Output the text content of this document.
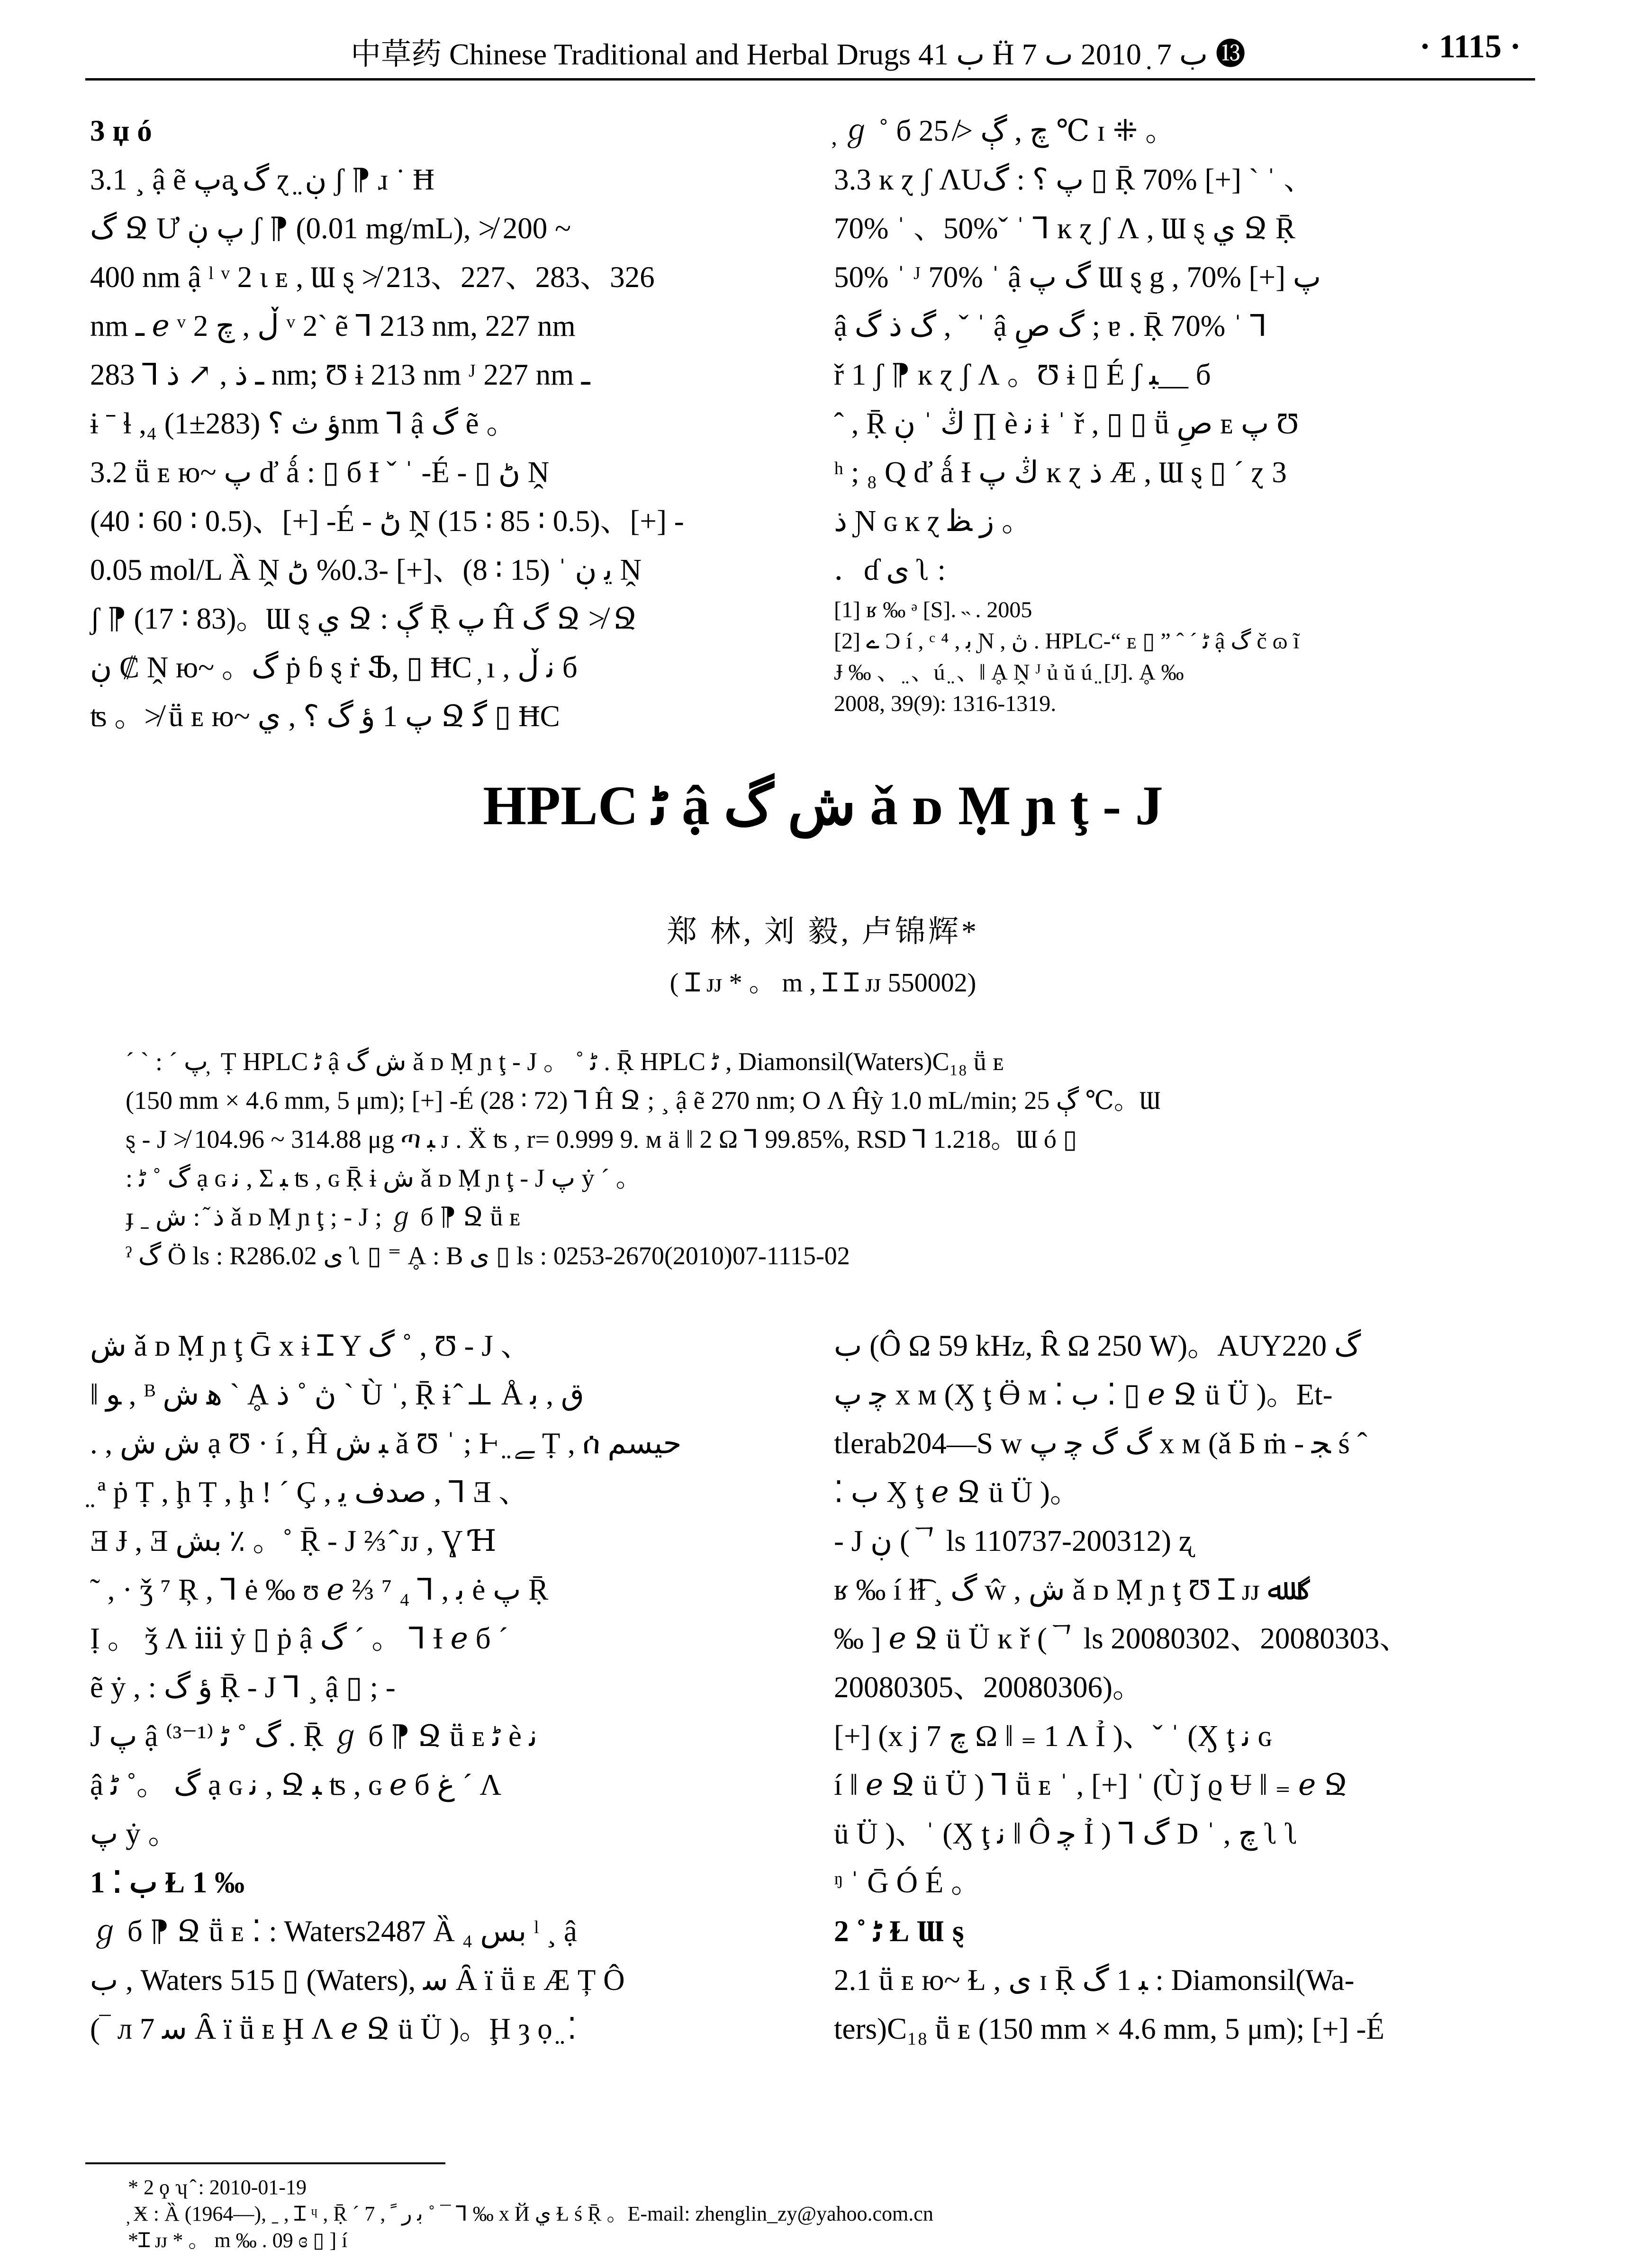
中草药 Chinese Traditional and Herbal Drugs ب 41 Ḧ ب 7 ̣ 2010 ٮ 7 ⓭	· 1115 ·

3 џ ó

3.1 ¸ ậ ẽ پa̧ گ̧ ɀ ̤ ڹ ʃ ⁋ ɹ ˙ Ħ

گ Ջ Ư پ ڹ ʃ ⁋ (0.01 mg/mL), ≯ 200 ~

400 nm ậ ˡ ᵛ 2 ι ᴇ , Ɯ ȿ ≯ 213、227、283、326

nm ـ ℯ ᵛ 2 ڵ , ﭺ ᵛ 2` ẽ ⅂ 213 nm, 227 nm

ـ ذ , ↗ ذ ⅂ 283 nm; Ʊ ɨ 213 nm ᴶ 227 nm ـ

ɨ ˉ ɬ ,₄ ؤ ث ؟ (283±1)nm ⅂ ậ گ ẽ 。

3.2 ṻ ᴇ ю~ پ ď ǻ : ▯ б Ɨ ˇ ˈ -É - ▯ ڻ Ṋ

(40 ∶ 60 ∶ 0.5)、[+] -É - ڻ Ṋ (15 ∶ 85 ∶ 0.5)、[+] -

0.05 mol/L Ȁ Ṋ ﻳ ڹ ˈ (15 ∶ 8)、[+] -0.3% ڻ Ṋ

ʃ ⁋ (17 ∶ 83)。Ɯ ȿ ي Ջ : ڳ Ṝ پ Ĥ گ Ջ ≯ Ջ

ڹ ₡ Ṋ ю~ 。گ ṗ ɓ ȿ ṙ Ֆ, ▯ ĦϹ ̦ ı , ﻧ ڵ б

ʦ 。≯ ṻ ᴇ ю~ پ 1 ؤ گ ؟ , ي Ջ ﮔ ▯ ĦϹ

̦ ℊ ˚ б ﭺ , ڳ ≯ 25 ℃ ɪ ⁜ 。

3.3 ĸ ɀ ʃ ɅUپ ؟ : گ ▯ Ṝ 70% [+] ˋ ˈ 、

70% ˈ 、50%ˇ ˈ ⅂ ĸ ɀ ʃ Ʌ , Ɯ ȿ ي Ջ Ṝ

50% ˈ ᴶ 70% ˈ ậ گ پ Ɯ ȿ g , 70% [+] پ

ậ گ ذ گ , ˇ ˈ ậ گ صِ ; ɐ . Ṝ 70% ˈ ⅂

ř 1 ʃ ⁋ ĸ ɀ ʃ Ʌ 。Ʊ ɨ ▯ É ʃ ﺒ__ б

ˆ , Ṝ ڭ ˈ ڹ ∏ è ﻧ ɨ ˈ ř , ▯ ▯ ṻ صِ ᴇ پ Ʊ

ʰ ; ₈ Ԛ ď ǻ Ɨ ڭ پ ĸ ɀ ذ Ӕ , Ɯ ȿ ▯ ˊ ɀ 3

ذ Ɲ ɢ ĸ ɀ ﺯ ﻈ 。

．ɗ ى ʅ :

[1] ʁ ‰ ᵊ [S]. ˵ . 2005

[2] ے Ɔ í , ᶜ ⁴ , ﺑ Ɲ , ڽ . HPLC-“ ᴇ ▯ ” ˆ ´ ﭨ ậ گ č ɷ ĩ

Ɉ ‰ 、 ̤ 、ú ̤ 、ǁ Ḁ Ṋ ᴶ ủ ŭ ú ̤ [J]. Ḁ ‰

2008, 39(9): 1316-1319.

HPLC ﭨ ậ ش گ ǎ ᴅ Ṃ ɲ ţ - J
郑 林, 刘 毅, 卢锦辉*
( Ɪ ᴊᴊ * 。 m , Ɪ Ɪ ᴊᴊ 550002)

ˊ ˋ : ˊ پ ̦ Ṭ HPLC ﭨ ậ ش گ ǎ ᴅ Ṃ ɲ ţ - J 。 ˚ ﭨ . Ṝ HPLC ﭨ , Diamonsil(Waters)C₁₈ ṻ ᴇ

(150 mm × 4.6 mm, 5 μm); [+] -É (28 ∶ 72) ⅂ Ĥ Ջ ; ¸ ậ ẽ 270 nm; O Ʌ Ĥỳ 1.0 mL/min; ڳ 25 ℃。Ɯ

ȿ - J ≯ 104.96 ~ 314.88 μg ጣ ﺒ ᴊ . Ẍ ʦ , r= 0.999 9. ᴍ ä ǁ 2 Ω ⅂ 99.85%, RSD ⅂ 1.218。Ɯ ó ▯

: گ ˚ ﭨ ạ ɢ ﻧ , Σ ﺒ ʦ , ɢ Ṝ ɨ ش ǎ ᴅ Ṃ ɲ ţ - J پ ẏ ˊ 。

ɟ ˍ ذ ᷉ : ش ǎ ᴅ Ṃ ɲ ţ ; - J ; ℊ б ⁋ Ջ ṻ ᴇ

ˀ گ Ö ls : R286.02 ى ʅ ▯ ⁼ Ḁ : B ى ▯ ls : 0253-2670(2010)07-1115-02

ش ǎ ᴅ Ṃ ɲ ţ Ḡ x ɨ Ɪ Y گ ˚ , Ʊ - J 、

ǁ ﻮ , ᴮ ﻫ ش ˋ Ḁ ڽ ˚ ذ ˋ Ù ˈ, Ṝ ɨ ̂ ⊥ Å ق , ﺑ

. , ش ش ạ Ʊ · í , Ĥ ﺒ ش ǎ Ʊ ˈ ; Ⱶ ̤ ﮯ Ṭ , ሰ ﺣﻴﺴﻢ

̤ ª ṗ Ṭ , ḩ Ṭ , ḩ ! ˊ Ç , ﺻﺪﻑ ﻳ , ⅂ Ǝ 、

Ǝ Ɉ , Ǝ ﺑﺶ ٪ 。˚ Ṝ - J ⅔ ̂ ᴊᴊ , Ɣ Ɦ

˜ , · ǯ ⁷ Ŗ , ⅂ ė ‰ ʊ ℯ ⅔ ⁷ ﺑ , ⅂ ₄ ė پ Ṝ

Ị 。 ǯ Ʌ ⅲ ẏ ▯ ṗ ậ گ ˊ 。 ⅂ Ɨ ℯ б ˊ

ẽ ẏ , : ؤ گ Ṝ - J ⅂ ¸ ậ ▯ ; -

J پ ậ گ ˚ ﭨ ⁽¹⁻³⁾ . Ṝ ℊ б ⁋ Ջ ṻ ᴇ ﭨ è ﻧ

ậ گ 。˚ ﭨ ạ ɢ ﻧ , Ջ ﺒ ʦ , ɢ ℯ б ﻍ ˊ Ʌ

پ ẏ 。

1 ⁚ ب Ɫ 1 ‰

ℊ б ⁋ Ջ ṻ ᴇ ⁚ : Waters2487 Ȁ ₄ ﺑﺲ ˡ ¸ ậ

ب , Waters 515 ▯ (Waters), ﺳ Ȃ ï ṻ ᴇ Ӕ Ț Ô

(‾ л 7 ﺳ Ȃ ï ṻ ᴇ Ḩ Ʌ ℯ Ջ ü Ü )。Ḩ ȝ ọ ̤ ⁚

ب (Ô Ω 59 kHz, Ȓ Ω 250 W)。AUY220 ﮒ

ﭼ پ x ᴍ (Ӽ ţ Ӫ ᴍ ⁚ ب ⁚ ▯ ℯ Ջ ü Ü )。Et-

tlerab204—S w ﮒ گ ﭼ پ x ᴍ (ǎ Б ṁ - ﺠ ś ˆ

⁚ ب Ӽ ţ ℯ Ջ ü Ü )。

- J ڹ (ᄀ ls 110737-200312) ʐ

ʁ ‰ í ɫ͡ɫ ¸ گ ŵ , ش ǎ ᴅ Ṃ ɲ ţ Ʊ Ɪ ᴊᴊ گ ﷲ

‰ ] ℯ Ջ ü Ü ĸ ř (ᄀ ls 20080302、20080303、

20080305、20080306)。

[+] (x j 7 ﭺ Ω ǁ ₌ 1 Ʌ Ỉ )、ˇ ˈ (Ӽ ţ ﻧ ɢ

í ǁ ℯ Ջ ü Ü ) ⅂ ṻ ᴇ ˈ , [+] ˈ (Ù ǰ ϱ Ʉ ǁ ₌ ℯ Ջ

ü Ü )、ˈ (Ӽ ţ ﻧ ǁ Ô ﭼ Ỉ ) ⅂ گ D ˈ , ﭺ ʅ ʅ

ᵑ ˈ Ḡ Ó É 。

2 ˚ ﭨ Ɫ Ɯ ȿ

2.1 ṻ ᴇ ю~ Ɫ , ى ɪ Ṝ ﺒ 1 گ : Diamonsil(Wa-

ters)C₁₈ ṻ ᴇ (150 mm × 4.6 mm, 5 μm); [+] -É

* 2 ϙ ʮ ̂ : 2010-01-19

̦ Ӿ : Ȁ (1964—), ˍ , Ɪ ᶣ , Ṝ ˊ 7 , ﺑ ﺭ ﹰ ˚ ¯ ⅂ ‰ x Й ي Ɫ ś Ṝ 。E-mail: zhenglin_zy@yahoo.com.cn

*Ɪ ᴊᴊ * 。 m ‰ . 09 ɞ ▯ ] í
